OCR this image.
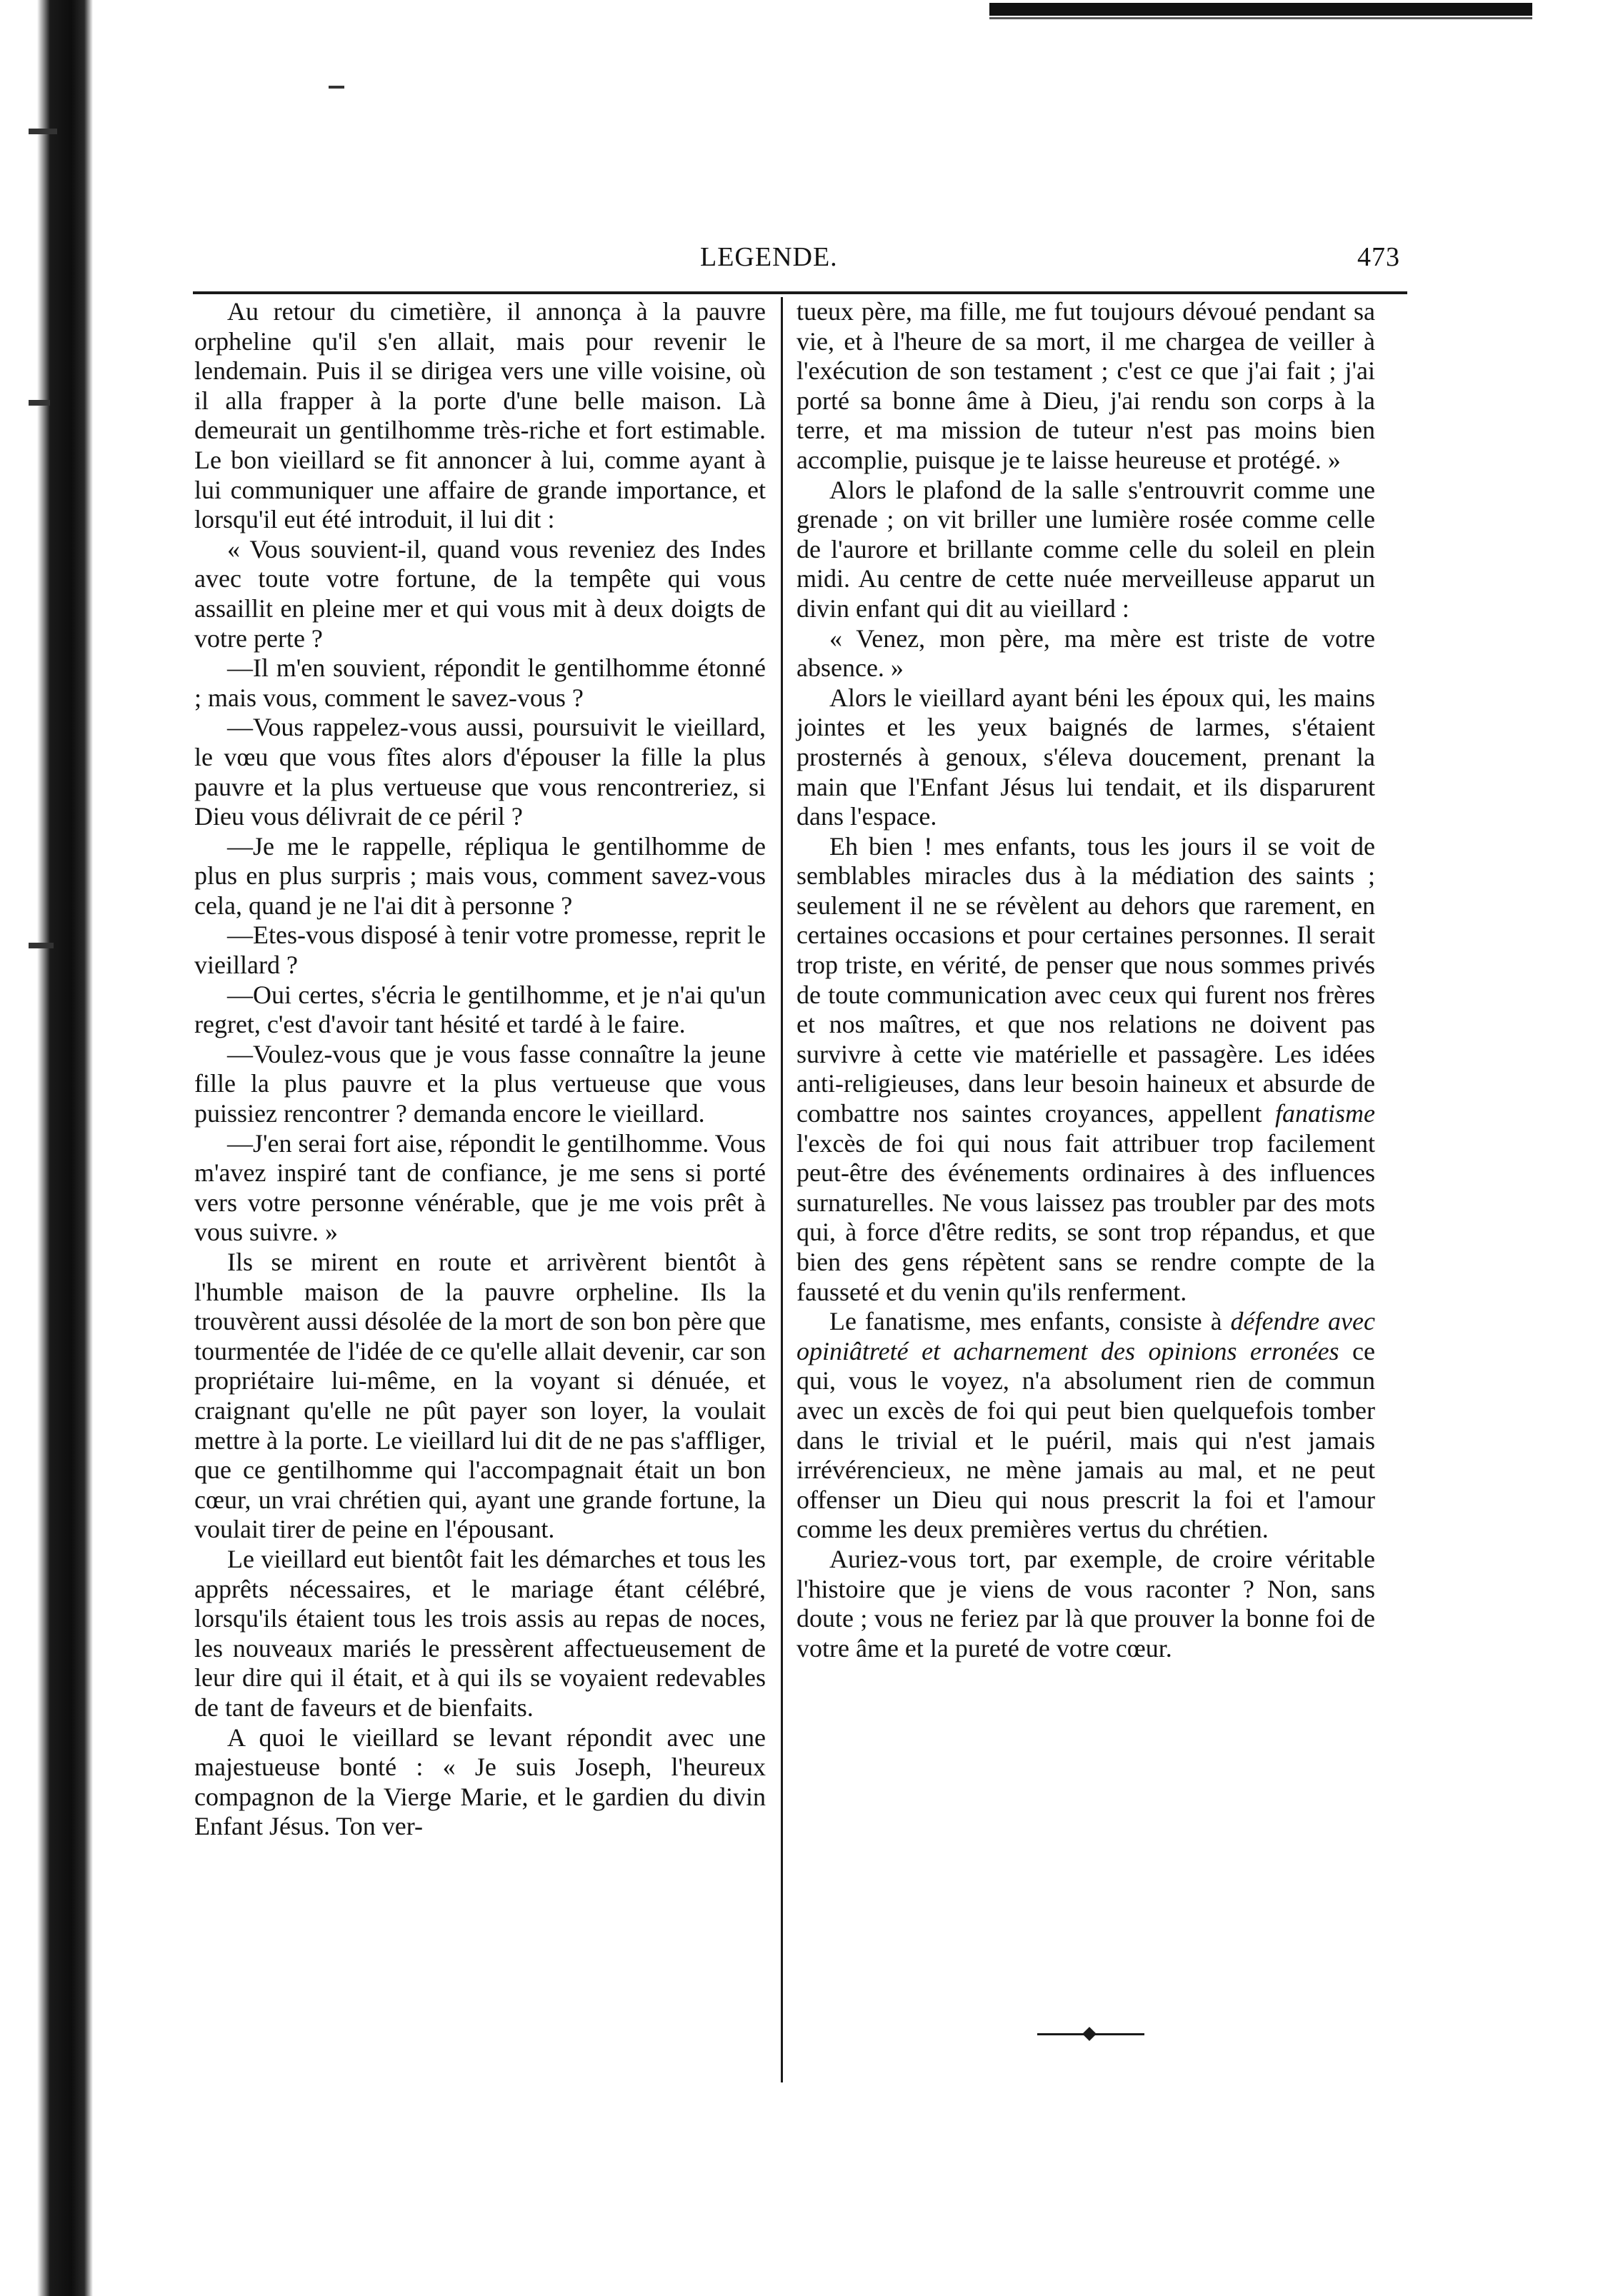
LEGENDE.	473

Au retour du cimetière, il annonça à la pauvre orpheline qu'il s'en allait, mais pour revenir le lendemain. Puis il se dirigea vers une ville voisine, où il alla frapper à la porte d'une belle maison. Là demeurait un gentilhomme très-riche et fort estimable. Le bon vieillard se fit annoncer à lui, comme ayant à lui communiquer une affaire de grande importance, et lorsqu'il eut été introduit, il lui dit :

« Vous souvient-il, quand vous reveniez des Indes avec toute votre fortune, de la tempête qui vous assaillit en pleine mer et qui vous mit à deux doigts de votre perte ?

—Il m'en souvient, répondit le gentilhomme étonné ; mais vous, comment le savez-vous ?

—Vous rappelez-vous aussi, poursuivit le vieillard, le vœu que vous fîtes alors d'épouser la fille la plus pauvre et la plus vertueuse que vous rencontreriez, si Dieu vous délivrait de ce péril ?

—Je me le rappelle, répliqua le gentilhomme de plus en plus surpris ; mais vous, comment savez-vous cela, quand je ne l'ai dit à personne ?

—Etes-vous disposé à tenir votre promesse, reprit le vieillard ?

—Oui certes, s'écria le gentilhomme, et je n'ai qu'un regret, c'est d'avoir tant hésité et tardé à le faire.

—Voulez-vous que je vous fasse connaître la jeune fille la plus pauvre et la plus vertueuse que vous puissiez rencontrer ? demanda encore le vieillard.

—J'en serai fort aise, répondit le gentilhomme. Vous m'avez inspiré tant de confiance, je me sens si porté vers votre personne vénérable, que je me vois prêt à vous suivre. »

Ils se mirent en route et arrivèrent bientôt à l'humble maison de la pauvre orpheline. Ils la trouvèrent aussi désolée de la mort de son bon père que tourmentée de l'idée de ce qu'elle allait devenir, car son propriétaire lui-même, en la voyant si dénuée, et craignant qu'elle ne pût payer son loyer, la voulait mettre à la porte. Le vieillard lui dit de ne pas s'affliger, que ce gentilhomme qui l'accompagnait était un bon cœur, un vrai chrétien qui, ayant une grande fortune, la voulait tirer de peine en l'épousant.

Le vieillard eut bientôt fait les démarches et tous les apprêts nécessaires, et le mariage étant célébré, lorsqu'ils étaient tous les trois assis au repas de noces, les nouveaux mariés le pressèrent affectueusement de leur dire qui il était, et à qui ils se voyaient redevables de tant de faveurs et de bienfaits.

A quoi le vieillard se levant répondit avec une majestueuse bonté : « Je suis Joseph, l'heureux compagnon de la Vierge Marie, et le gardien du divin Enfant Jésus. Ton ver-

tueux père, ma fille, me fut toujours dévoué pendant sa vie, et à l'heure de sa mort, il me chargea de veiller à l'exécution de son testament ; c'est ce que j'ai fait ; j'ai porté sa bonne âme à Dieu, j'ai rendu son corps à la terre, et ma mission de tuteur n'est pas moins bien accomplie, puisque je te laisse heureuse et protégé. »

Alors le plafond de la salle s'entrouvrit comme une grenade ; on vit briller une lumière rosée comme celle de l'aurore et brillante comme celle du soleil en plein midi. Au centre de cette nuée merveilleuse apparut un divin enfant qui dit au vieillard :

« Venez, mon père, ma mère est triste de votre absence. »

Alors le vieillard ayant béni les époux qui, les mains jointes et les yeux baignés de larmes, s'étaient prosternés à genoux, s'éleva doucement, prenant la main que l'Enfant Jésus lui tendait, et ils disparurent dans l'espace.

Eh bien ! mes enfants, tous les jours il se voit de semblables miracles dus à la médiation des saints ; seulement il ne se révèlent au dehors que rarement, en certaines occasions et pour certaines personnes. Il serait trop triste, en vérité, de penser que nous sommes privés de toute communication avec ceux qui furent nos frères et nos maîtres, et que nos relations ne doivent pas survivre à cette vie matérielle et passagère. Les idées anti-religieuses, dans leur besoin haineux et absurde de combattre nos saintes croyances, appellent fanatisme l'excès de foi qui nous fait attribuer trop facilement peut-être des événements ordinaires à des influences surnaturelles. Ne vous laissez pas troubler par des mots qui, à force d'être redits, se sont trop répandus, et que bien des gens répètent sans se rendre compte de la fausseté et du venin qu'ils renferment.

Le fanatisme, mes enfants, consiste à défendre avec opiniâtreté et acharnement des opinions erronées ce qui, vous le voyez, n'a absolument rien de commun avec un excès de foi qui peut bien quelquefois tomber dans le trivial et le puéril, mais qui n'est jamais irrévérencieux, ne mène jamais au mal, et ne peut offenser un Dieu qui nous prescrit la foi et l'amour comme les deux premières vertus du chrétien.

Auriez-vous tort, par exemple, de croire véritable l'histoire que je viens de vous raconter ? Non, sans doute ; vous ne feriez par là que prouver la bonne foi de votre âme et la pureté de votre cœur.
